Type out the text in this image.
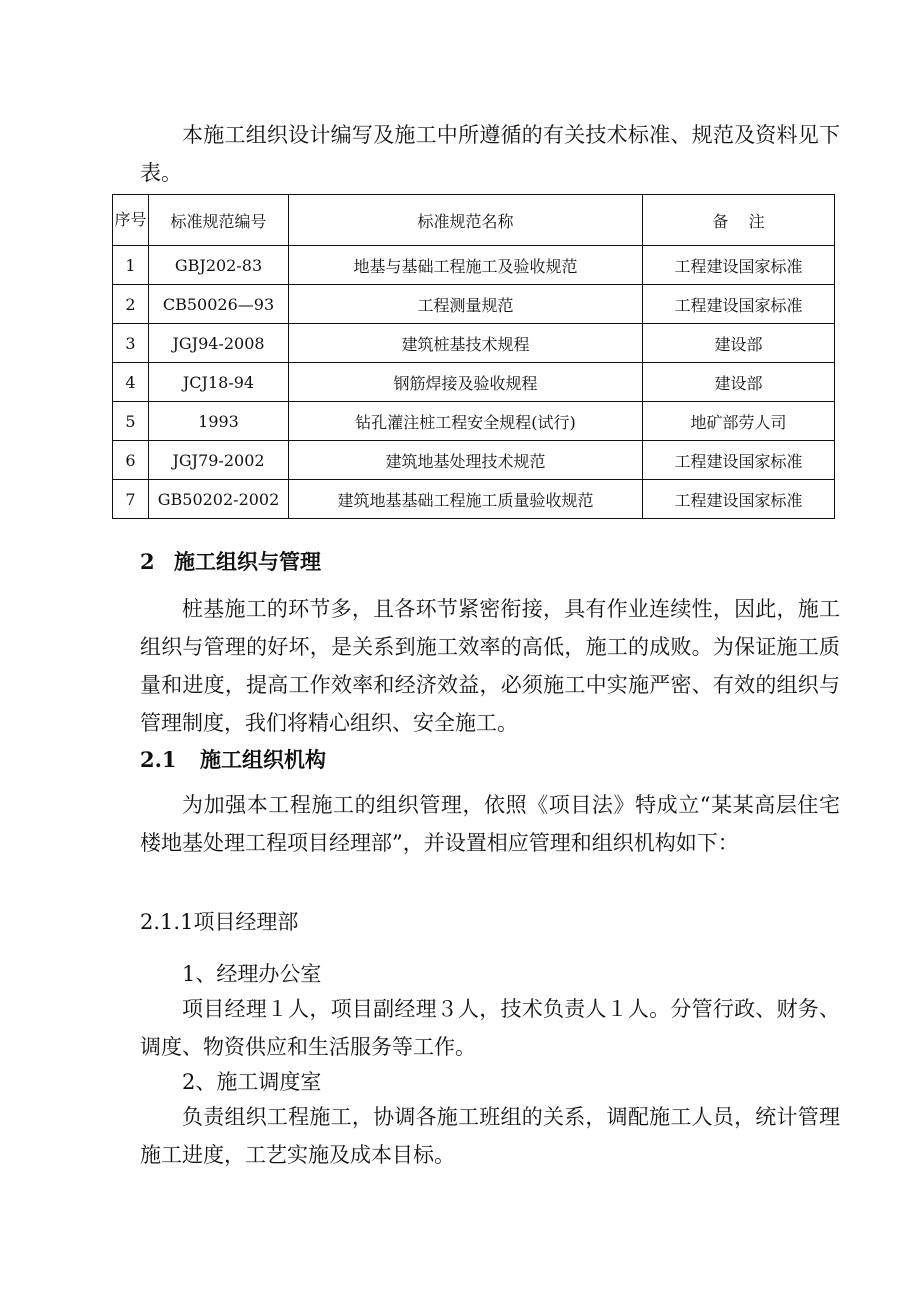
本施工组织设计编写及施工中所遵循的有关技术标准、规范及资料见下表。

序号	标准规范编号	标准规范名称	备    注
1	GBJ202-83	地基与基础工程施工及验收规范	工程建设国家标准
2	CB50026—93	工程测量规范	工程建设国家标准
3	JGJ94-2008	建筑桩基技术规程	建设部
4	JCJ18-94	钢筋焊接及验收规程	建设部
5	1993	钻孔灌注桩工程安全规程(试行)	地矿部劳人司
6	JGJ79-2002	建筑地基处理技术规范	工程建设国家标准
7	GB50202-2002	建筑地基基础工程施工质量验收规范	工程建设国家标准
2 施工组织与管理

桩基施工的环节多，且各环节紧密衔接，具有作业连续性，因此，施工组织与管理的好坏，是关系到施工效率的高低，施工的成败。为保证施工质量和进度，提高工作效率和经济效益，必须施工中实施严密、有效的组织与管理制度，我们将精心组织、安全施工。

2.1 施工组织机构

为加强本工程施工的组织管理，依照《项目法》特成立“某某高层住宅楼地基处理工程项目经理部”，并设置相应管理和组织机构如下：

2.1.1项目经理部
1、经理办公室

项目经理１人，项目副经理３人，技术负责人１人。分管行政、财务、调度、物资供应和生活服务等工作。

2、施工调度室

负责组织工程施工，协调各施工班组的关系，调配施工人员，统计管理施工进度，工艺实施及成本目标。
